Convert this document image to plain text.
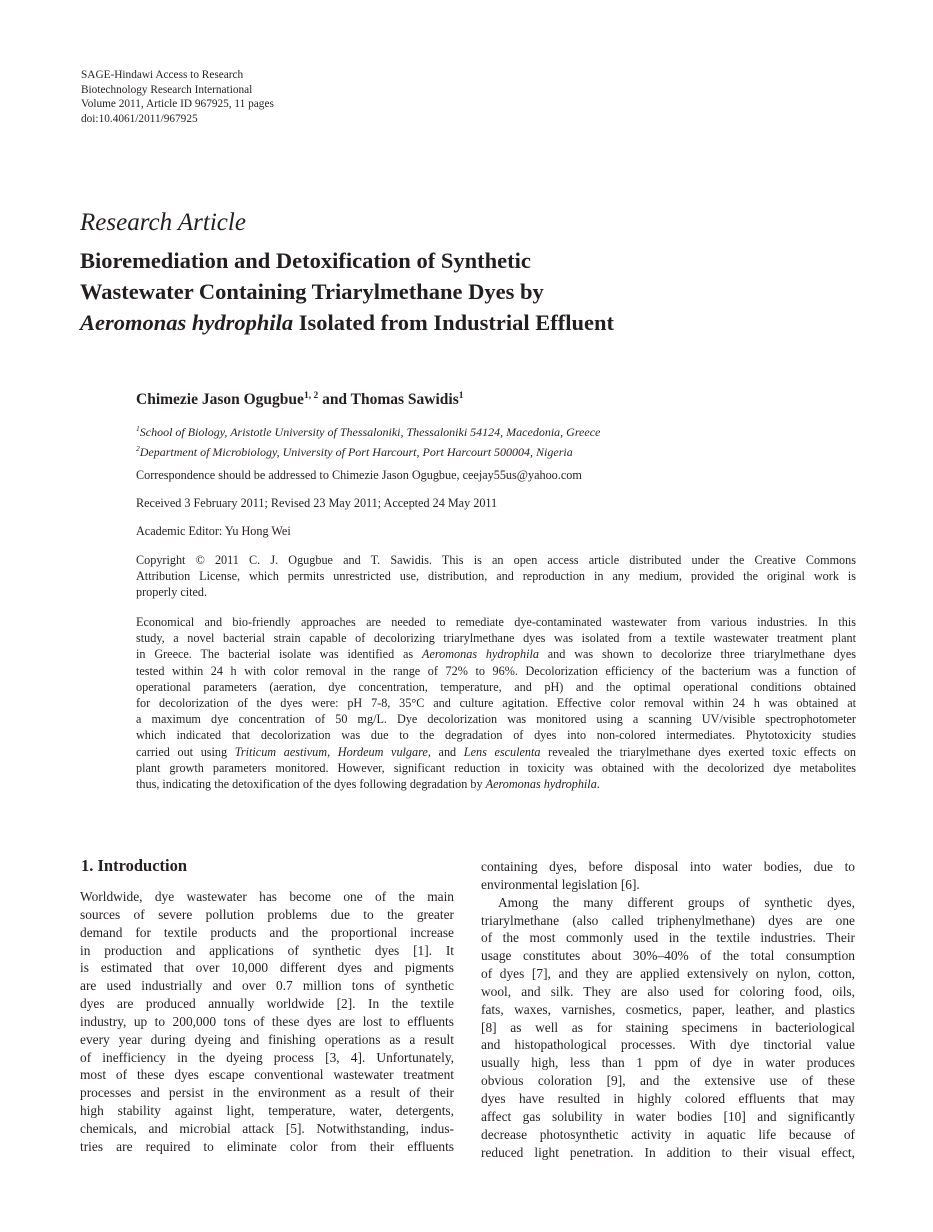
SAGE-Hindawi Access to Research
Biotechnology Research International
Volume 2011, Article ID 967925, 11 pages
doi:10.4061/2011/967925
Research Article
Bioremediation and Detoxification of Synthetic
Wastewater Containing Triarylmethane Dyes by
Aeromonas hydrophila Isolated from Industrial Effluent
Chimezie Jason Ogugbue$^{1, 2}$ and Thomas Sawidis$^1$
$^1$School of Biology, Aristotle University of Thessaloniki, Thessaloniki 54124, Macedonia, Greece
$^2$Department of Microbiology, University of Port Harcourt, Port Harcourt 500004, Nigeria
Correspondence should be addressed to Chimezie Jason Ogugbue, ceejay55us@yahoo.com
Received 3 February 2011; Revised 23 May 2011; Accepted 24 May 2011
Academic Editor: Yu Hong Wei
Copyright © 2011 C. J. Ogugbue and T. Sawidis. This is an open access article distributed under the Creative Commons
Attribution License, which permits unrestricted use, distribution, and reproduction in any medium, provided the original work is
properly cited.
Economical and bio-friendly approaches are needed to remediate dye-contaminated wastewater from various industries. In this
study, a novel bacterial strain capable of decolorizing triarylmethane dyes was isolated from a textile wastewater treatment plant
in Greece. The bacterial isolate was identified as Aeromonas hydrophila and was shown to decolorize three triarylmethane dyes
tested within 24 h with color removal in the range of 72% to 96%. Decolorization efficiency of the bacterium was a function of
operational parameters (aeration, dye concentration, temperature, and pH) and the optimal operational conditions obtained
for decolorization of the dyes were: pH 7-8, 35°C and culture agitation. Effective color removal within 24 h was obtained at
a maximum dye concentration of 50 mg/L. Dye decolorization was monitored using a scanning UV/visible spectrophotometer
which indicated that decolorization was due to the degradation of dyes into non-colored intermediates. Phytotoxicity studies
carried out using Triticum aestivum, Hordeum vulgare, and Lens esculenta revealed the triarylmethane dyes exerted toxic effects on
plant growth parameters monitored. However, significant reduction in toxicity was obtained with the decolorized dye metabolites
thus, indicating the detoxification of the dyes following degradation by Aeromonas hydrophila.
1. Introduction
Worldwide, dye wastewater has become one of the main
sources of severe pollution problems due to the greater
demand for textile products and the proportional increase
in production and applications of synthetic dyes [1]. It
is estimated that over 10,000 different dyes and pigments
are used industrially and over 0.7 million tons of synthetic
dyes are produced annually worldwide [2]. In the textile
industry, up to 200,000 tons of these dyes are lost to effluents
every year during dyeing and finishing operations as a result
of inefficiency in the dyeing process [3, 4]. Unfortunately,
most of these dyes escape conventional wastewater treatment
processes and persist in the environment as a result of their
high stability against light, temperature, water, detergents,
chemicals, and microbial attack [5]. Notwithstanding, indus-
tries are required to eliminate color from their effluents
containing dyes, before disposal into water bodies, due to
environmental legislation [6].
Among the many different groups of synthetic dyes,
triarylmethane (also called triphenylmethane) dyes are one
of the most commonly used in the textile industries. Their
usage constitutes about 30%–40% of the total consumption
of dyes [7], and they are applied extensively on nylon, cotton,
wool, and silk. They are also used for coloring food, oils,
fats, waxes, varnishes, cosmetics, paper, leather, and plastics
[8] as well as for staining specimens in bacteriological
and histopathological processes. With dye tinctorial value
usually high, less than 1 ppm of dye in water produces
obvious coloration [9], and the extensive use of these
dyes have resulted in highly colored effluents that may
affect gas solubility in water bodies [10] and significantly
decrease photosynthetic activity in aquatic life because of
reduced light penetration. In addition to their visual effect,
